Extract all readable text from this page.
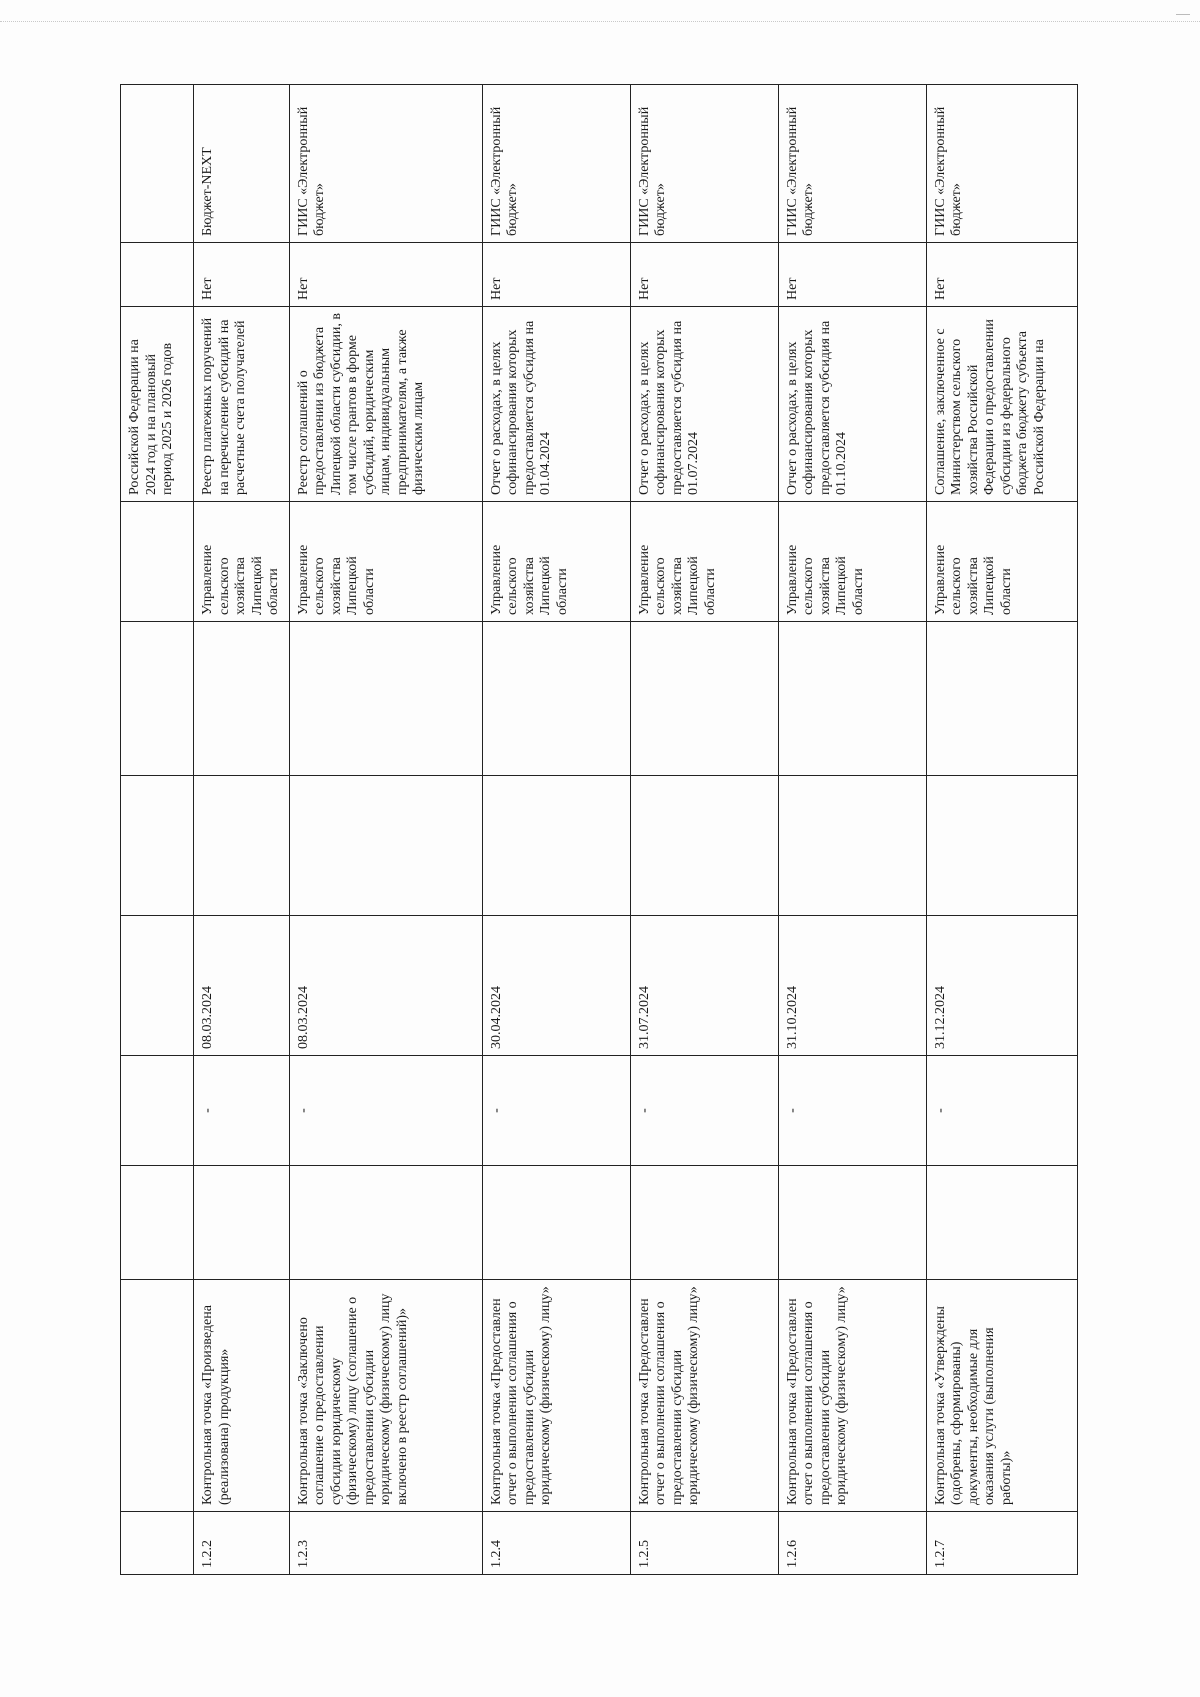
								Российской Федерации на 2024 год и на плановый период 2025 и 2026 годов		
1.2.2	Контрольная точка «Произведена (реализована) продукция»		-	08.03.2024			Управление сельского хозяйства Липецкой области	Реестр платежных поручений на перечисление субсидий на расчетные счета получателей	Нет	Бюджет-NEXT
1.2.3	Контрольная точка «Заключено соглашение о предоставлении субсидии юридическому (физическому) лицу (соглашение о предоставлении субсидии юридическому (физическому) лицу включено в реестр соглашений)»		-	08.03.2024			Управление сельского хозяйства Липецкой области	Реестр соглашений о предоставлении из бюджета Липецкой области субсидии, в том числе грантов в форме субсидий, юридическим лицам, индивидуальным предпринимателям, а также физическим лицам	Нет	ГИИС «Электронный бюджет»
1.2.4	Контрольная точка «Предоставлен отчет о выполнении соглашения о предоставлении субсидии юридическому (физическому) лицу»		-	30.04.2024			Управление сельского хозяйства Липецкой области	Отчет о расходах, в целях софинансирования которых предоставляется субсидия на 01.04.2024	Нет	ГИИС «Электронный бюджет»
1.2.5	Контрольная точка «Предоставлен отчет о выполнении соглашения о предоставлении субсидии юридическому (физическому) лицу»		-	31.07.2024			Управление сельского хозяйства Липецкой области	Отчет о расходах, в целях софинансирования которых предоставляется субсидия на 01.07.2024	Нет	ГИИС «Электронный бюджет»
1.2.6	Контрольная точка «Предоставлен отчет о выполнении соглашения о предоставлении субсидии юридическому (физическому) лицу»		-	31.10.2024			Управление сельского хозяйства Липецкой области	Отчет о расходах, в целях софинансирования которых предоставляется субсидия на 01.10.2024	Нет	ГИИС «Электронный бюджет»
1.2.7	Контрольная точка «Утверждены (одобрены, сформированы) документы, необходимые для оказания услуги (выполнения работы)»		-	31.12.2024			Управление сельского хозяйства Липецкой области	Соглашение, заключенное с Министерством сельского хозяйства Российской Федерации о предоставлении субсидии из федерального бюджета бюджету субъекта Российской Федерации на	Нет	ГИИС «Электронный бюджет»
